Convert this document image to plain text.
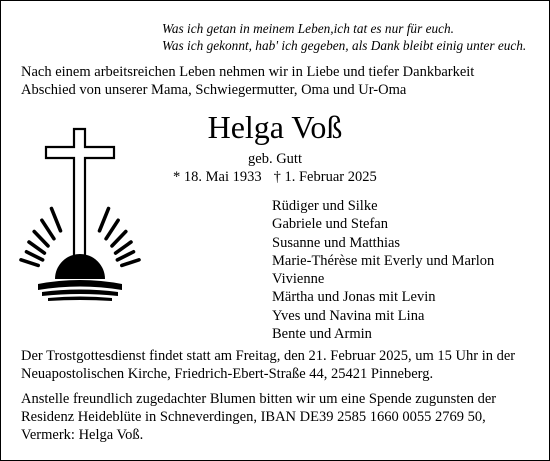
Was ich getan in meinem Leben,ich tat es nur für euch.
Was ich gekonnt, hab' ich gegeben, als Dank bleibt einig unter euch.
Nach einem arbeitsreichen Leben nehmen wir in Liebe und tiefer Dankbarkeit
Abschied von unserer Mama, Schwiegermutter, Oma und Ur-Oma
Helga Voß
geb. Gutt
* 18. Mai 1933 † 1. Februar 2025
Rüdiger und Silke
Gabriele und Stefan
Susanne und Matthias
Marie-Thérèse mit Everly und Marlon
Vivienne
Märtha und Jonas mit Levin
Yves und Navina mit Lina
Bente und Armin
Der Trostgottesdienst findet statt am Freitag, den 21. Februar 2025, um 15 Uhr in der
Neuapostolischen Kirche, Friedrich-Ebert-Straße 44, 25421 Pinneberg.
Anstelle freundlich zugedachter Blumen bitten wir um eine Spende zugunsten der
Residenz Heideblüte in Schneverdingen, IBAN DE39 2585 1660 0055 2769 50,
Vermerk: Helga Voß.
